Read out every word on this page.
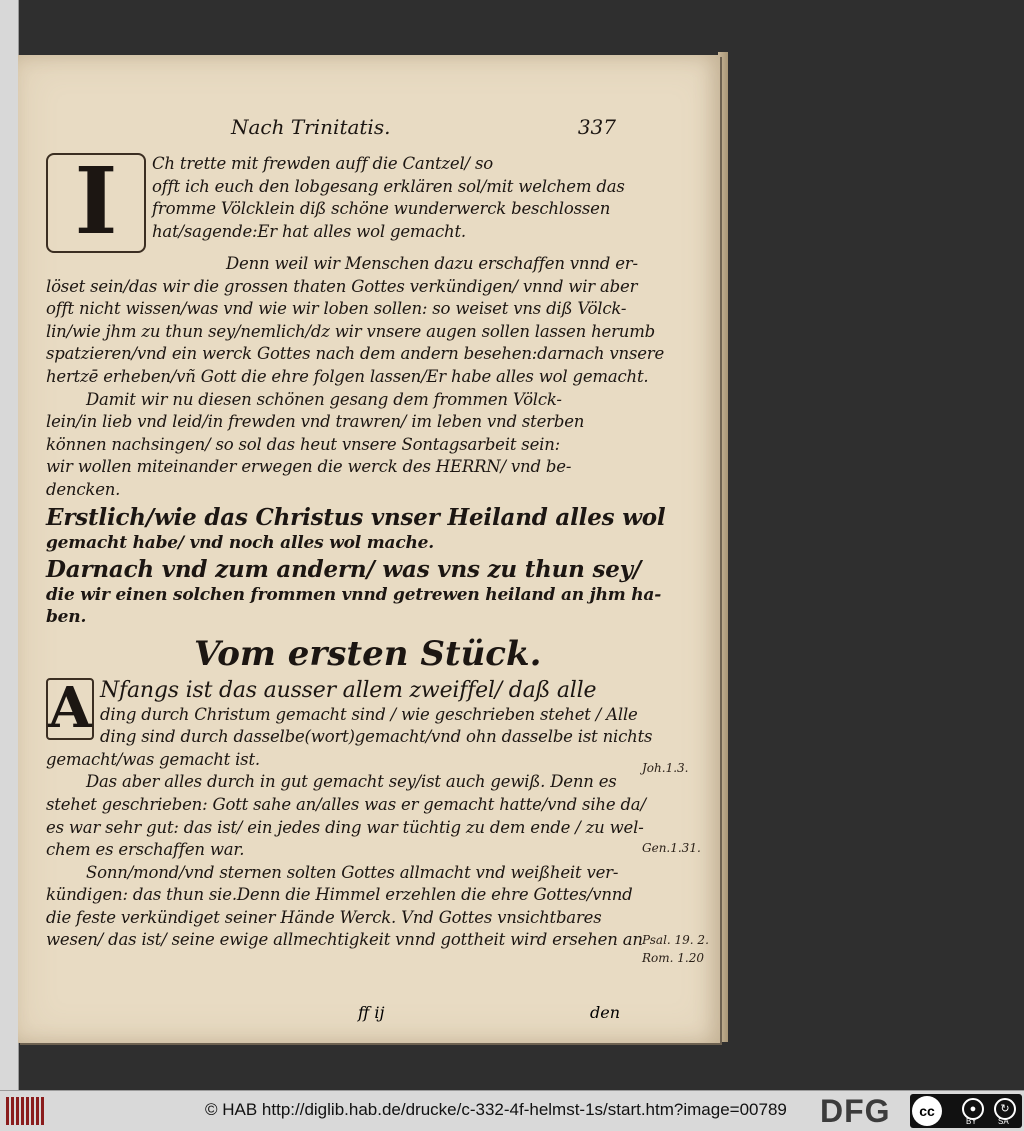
Nach Trinitatis.	337
I	Ch trette mit frewden auff die Cantzel/ so
offt ich euch den lobgesang erklären sol/mit welchem das
fromme Völcklein diß schöne wunderwerck beschlossen
hat/sagende:Er hat alles wol gemacht.

Denn weil wir Menschen dazu erschaffen vnnd er-
löset sein/das wir die grossen thaten Gottes verkündigen/ vnnd wir aber
offt nicht wissen/was vnd wie wir loben sollen: so weiset vns diß Völck-
lin/wie jhm zu thun sey/nemlich/dz wir vnsere augen sollen lassen herumb
spatzieren/vnd ein werck Gottes nach dem andern besehen:darnach vnsere
hertzē erheben/vñ Gott die ehre folgen lassen/Er habe alles wol gemacht.

Damit wir nu diesen schönen gesang dem frommen Völck-
lein/in lieb vnd leid/in frewden vnd trawren/ im leben vnd sterben
können nachsingen/ so sol das heut vnsere Sontagsarbeit sein:
wir wollen miteinander erwegen die werck des HERRN/ vnd be-
dencken.

Erstlich/wie das Christus vnser Heiland alles wol
gemacht habe/ vnd noch alles wol mache.

Darnach vnd zum andern/ was vns zu thun sey/
die wir einen solchen frommen vnnd getrewen heiland an jhm ha-
ben.

Vom ersten Stück.
A Nfangs ist das ausser allem zweiffel/ daß alle
ding durch Christum gemacht sind / wie geschrieben stehet / Alle
ding sind durch dasselbe(wort)gemacht/vnd ohn dasselbe ist nichts
gemacht/was gemacht ist.

Das aber alles durch in gut gemacht sey/ist auch gewiß. Denn es
stehet geschrieben: Gott sahe an/alles was er gemacht hatte/vnd sihe da/
es war sehr gut: das ist/ ein jedes ding war tüchtig zu dem ende / zu wel-
chem es erschaffen war.

Sonn/mond/vnd sternen solten Gottes allmacht vnd weißheit ver-
kündigen: das thun sie.Denn die Himmel erzehlen die ehre Gottes/vnnd
die feste verkündiget seiner Hände Werck. Vnd Gottes vnsichtbares
wesen/ das ist/ seine ewige allmechtigkeit vnnd gottheit wird ersehen an

Joh.1.3.
Gen.1.31.
Psal. 19. 2.
Rom. 1.20
ff ij	den
© HAB http://diglib.hab.de/drucke/c-332-4f-helmst-1s/start.htm?image=00789 DFG	cc	●	↻
BY	SA
